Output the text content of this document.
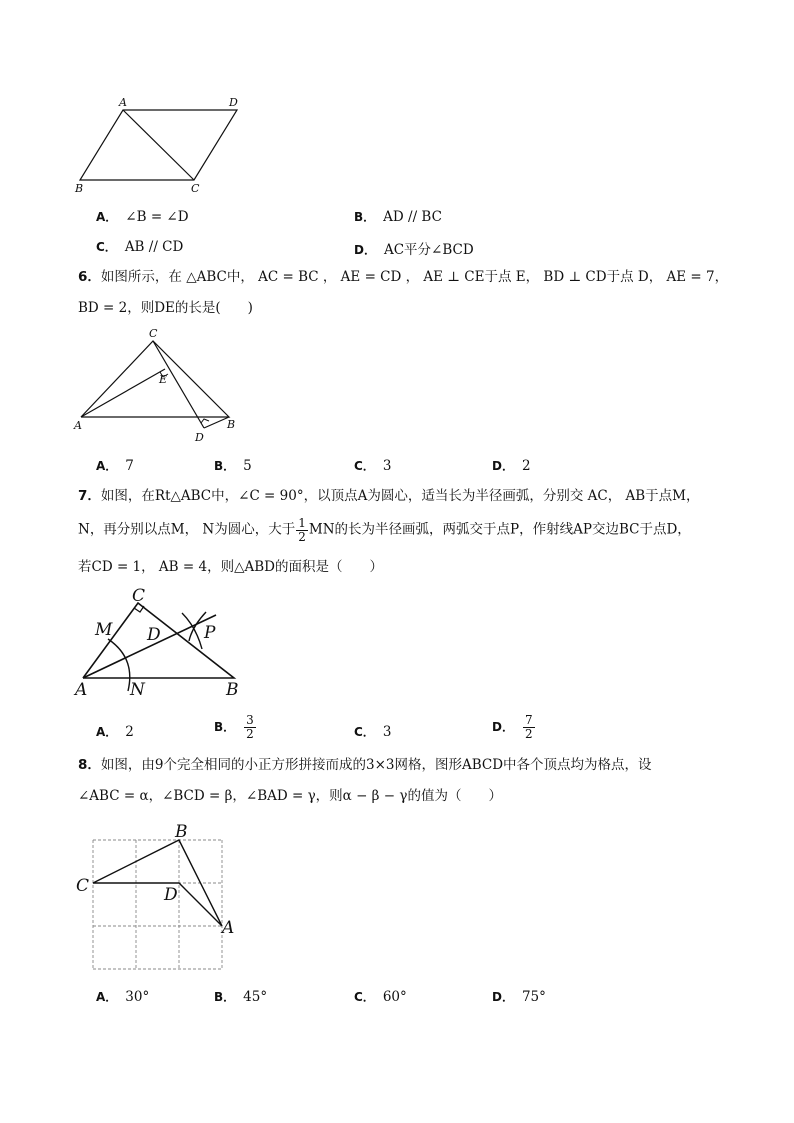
A	D
B	C
A． ∠B = ∠D	B． AD // BC
C． AB // CD	D． AC平分∠BCD
6．如图所示，在 △ABC中， AC = BC ， AE = CD ， AE ⊥ CE于点 E， BD ⊥ CD于点 D， AE = 7，
BD = 2，则DE的长是(　　)
C
E
A	B
D
A． 7	B． 5	C． 3	D． 2
7．如图，在Rt△ABC中，∠C = 90°，以顶点A为圆心，适当长为半径画弧，分别交 AC， AB于点M，
N，再分别以点M， N为圆心，大于 $\frac{1}{2}$ MN的长为半径画弧，两弧交于点P，作射线AP交边BC于点D，
若CD = 1， AB = 4，则△ABD的面积是（　　）
C
M D	P
A	N	B
A． 2	B． $\frac{3}{2}$	C． 3	D． $\frac{7}{2}$
8．如图，由9个完全相同的小正方形拼接而成的3×3网格，图形ABCD中各个顶点均为格点，设
∠ABC = α，∠BCD = β，∠BAD = γ，则α − β − γ的值为（　　）
B
C	D
A
A． 30°	B． 45°	C． 60°	D． 75°
